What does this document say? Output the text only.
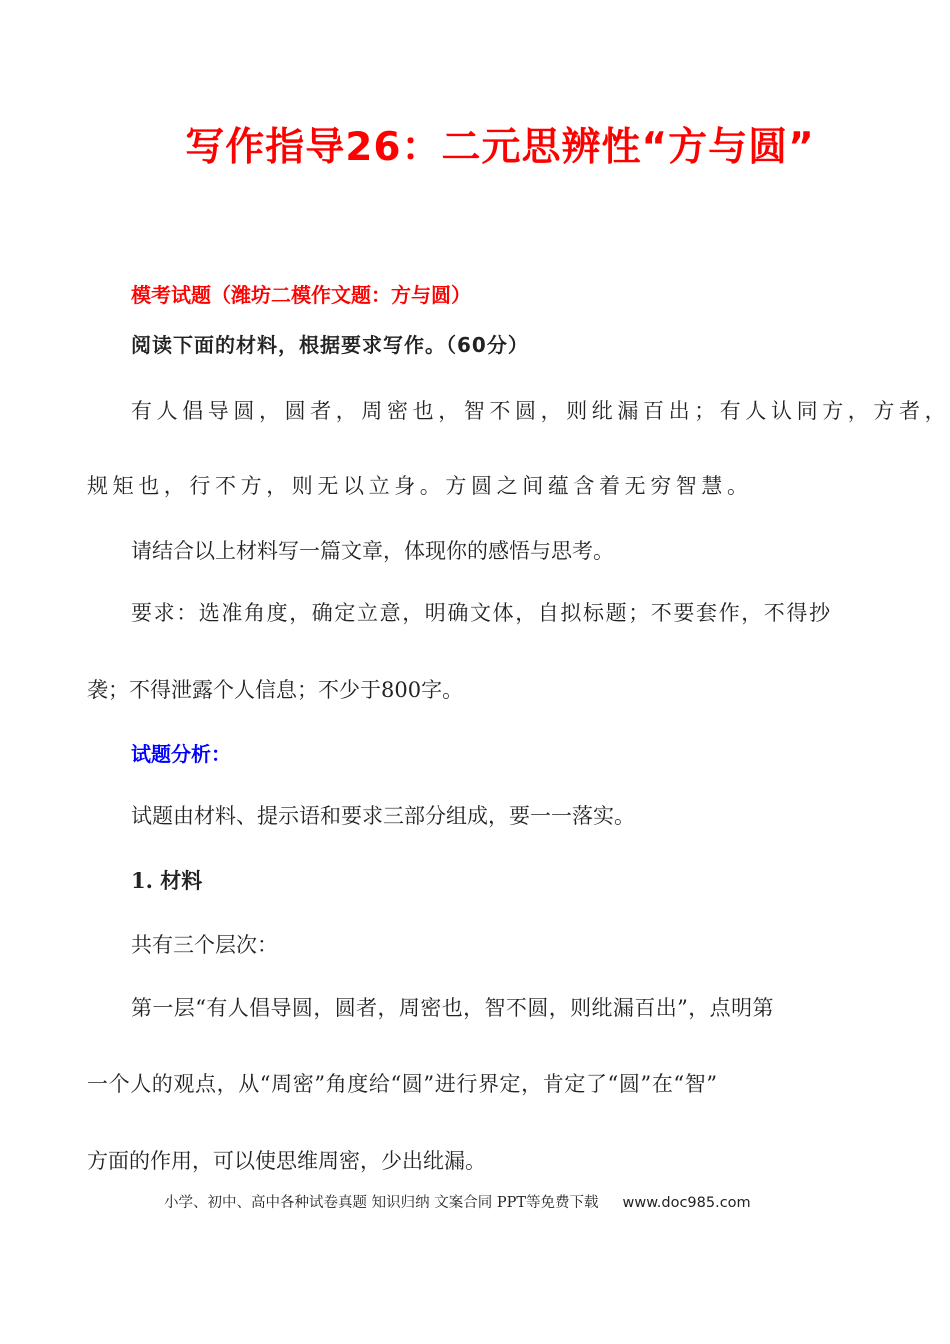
写作指导26：二元思辨性“方与圆”
模考试题（潍坊二模作文题：方与圆）
阅读下面的材料，根据要求写作。（60分）
有人倡导圆，圆者，周密也，智不圆，则纰漏百出；有人认同方，方者，
规矩也，行不方，则无以立身。方圆之间蕴含着无穷智慧。
请结合以上材料写一篇文章，体现你的感悟与思考。
要求：选准角度，确定立意，明确文体，自拟标题；不要套作，不得抄
袭；不得泄露个人信息；不少于800字。
试题分析：
试题由材料、提示语和要求三部分组成，要一一落实。
1. 材料
共有三个层次：
第一层“有人倡导圆，圆者，周密也，智不圆，则纰漏百出”，点明第
一个人的观点，从“周密”角度给“圆”进行界定，肯定了“圆”在“智”
方面的作用，可以使思维周密，少出纰漏。
小学、初中、高中各种试卷真题 知识归纳 文案合同 PPT等免费下载 www.doc985.com
